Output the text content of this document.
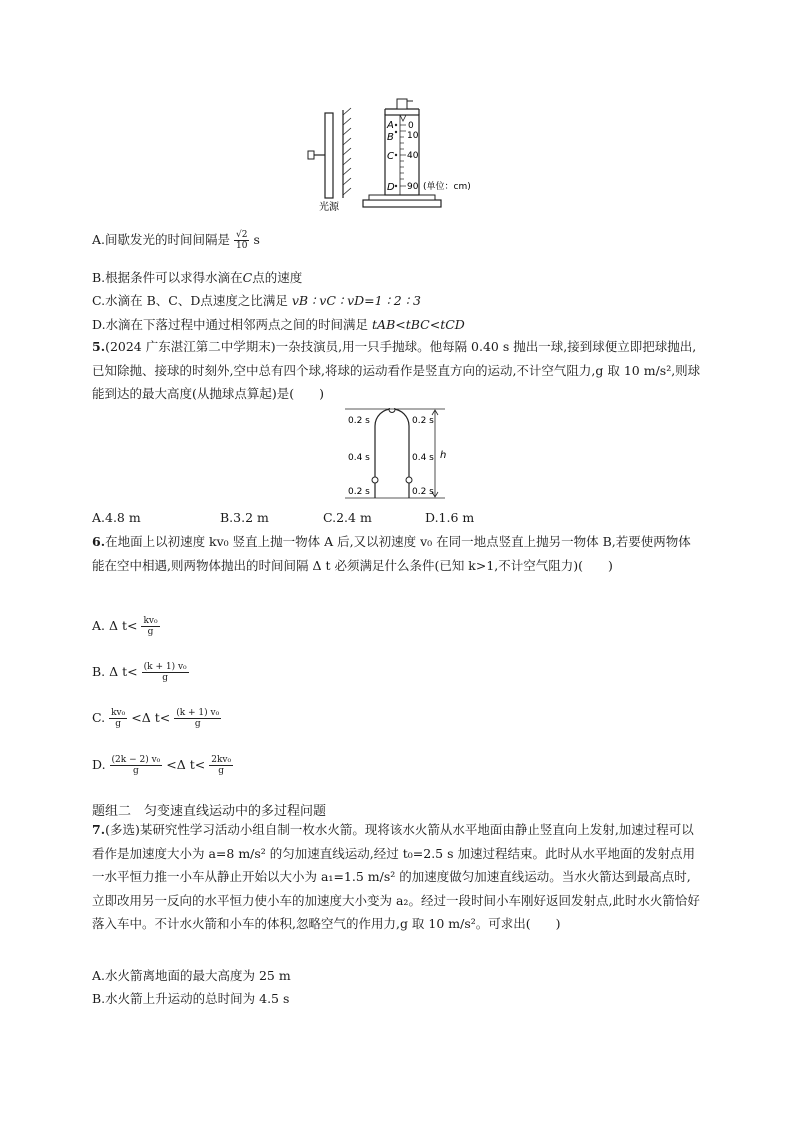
A
B
C
D
0
10
40
90 (单位：cm)
光源
A.间歇发光的时间间隔是 $\frac{√2}{10}$ s
B.根据条件可以求得水滴在C点的速度
C.水滴在 B、C、D点速度之比满足 vB ∶ vC ∶ vD=1 ∶ 2 ∶ 3
D.水滴在下落过程中通过相邻两点之间的时间满足 tAB<tBC<tCD
5.(2024 广东湛江第二中学期末)一杂技演员,用一只手抛球。他每隔 0.40 s 抛出一球,接到球便立即把球抛出,已知除抛、接球的时刻外,空中总有四个球,将球的运动看作是竖直方向的运动,不计空气阻力,g 取 10 m/s²,则球能到达的最大高度(从抛球点算起)是(　　)
h
0.2 s
0.4 s
0.2 s
0.2 s
0.4 s
0.2 s
A.4.8 m	B.3.2 m	C.2.4 m	D.1.6 m
6.在地面上以初速度 kv₀ 竖直上抛一物体 A 后,又以初速度 v₀ 在同一地点竖直上抛另一物体 B,若要使两物体能在空中相遇,则两物体抛出的时间间隔 Δ t 必须满足什么条件(已知 k>1,不计空气阻力)(　　)
A. Δ $t< \frac{\text{kv₀}}{g}$
B. Δ $t< \frac{\text{(k + 1) v₀}}{g}$
C. $\frac{\text{kv₀}}{g} <\Delta$ $t< \frac{\text{(k + 1) v₀}}{g}$
D. $\frac{\text{(2k − 2) v₀}}{g} <\Delta$ $t< \frac{\text{2kv₀}}{g}$
题组二　匀变速直线运动中的多过程问题
7.(多选)某研究性学习活动小组自制一枚水火箭。现将该水火箭从水平地面由静止竖直向上发射,加速过程可以看作是加速度大小为 a=8 m/s² 的匀加速直线运动,经过 t₀=2.5 s 加速过程结束。此时从水平地面的发射点用一水平恒力推一小车从静止开始以大小为 a₁=1.5 m/s² 的加速度做匀加速直线运动。当水火箭达到最高点时,立即改用另一反向的水平恒力使小车的加速度大小变为 a₂。经过一段时间小车刚好返回发射点,此时水火箭恰好落入车中。不计水火箭和小车的体积,忽略空气的作用力,g 取 10 m/s²。可求出(　　)
A.水火箭离地面的最大高度为 25 m
B.水火箭上升运动的总时间为 4.5 s
